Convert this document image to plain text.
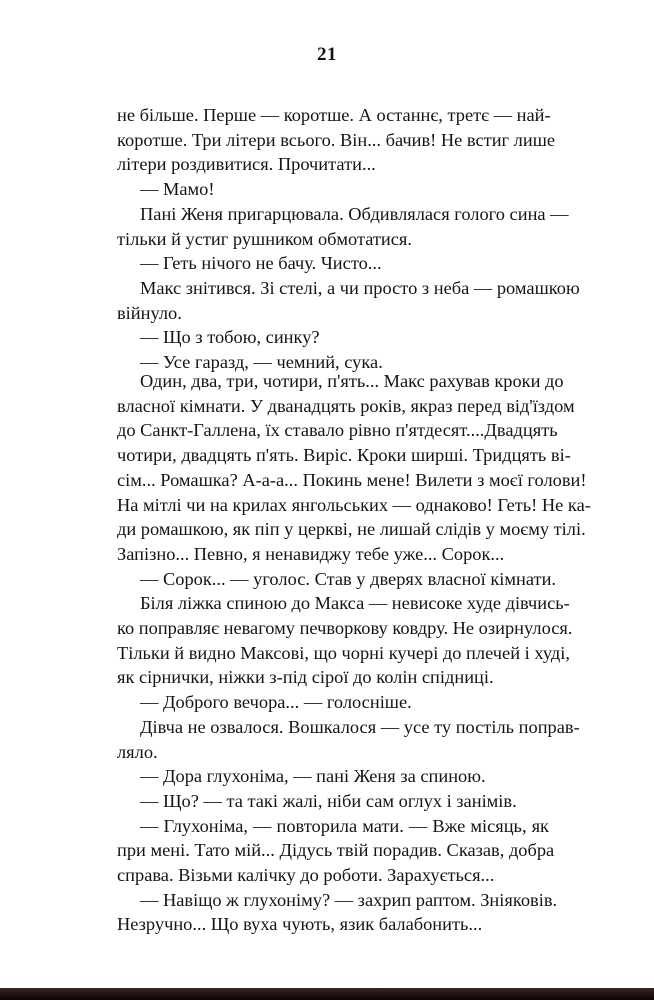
21
не більше. Перше — коротше. А останнє, третє — най-
коротше. Три літери всього. Він... бачив! Не встиг лише
літери роздивитися. Прочитати...
— Мамо!
Пані Женя пригарцювала. Обдивлялася голого сина —
тільки й устиг рушником обмотатися.
— Геть нічого не бачу. Чисто...
Макс знітився. Зі стелі, а чи просто з неба — ромашкою
війнуло.
— Що з тобою, синку?
— Усе гаразд, — чемний, сука.
Один, два, три, чотири, п'ять... Макс рахував кроки до
власної кімнати. У дванадцять років, якраз перед від'їздом
до Санкт-Галлена, їх ставало рівно п'ятдесят....Двадцять
чотири, двадцять п'ять. Виріс. Кроки ширші. Тридцять ві-
сім... Ромашка? А-а-а... Покинь мене! Вилети з моєї голови!
На мітлі чи на крилах янгольських — однаково! Геть! Не ка-
ди ромашкою, як піп у церкві, не лишай слідів у моєму тілі.
Запізно... Певно, я ненавиджу тебе уже... Сорок...
— Сорок... — уголос. Став у дверях власної кімнати.
Біля ліжка спиною до Макса — невисоке худе дівчись-
ко поправляє невагому печворкову ковдру. Не озирнулося.
Тільки й видно Максові, що чорні кучері до плечей і худі,
як сірнички, ніжки з-під сірої до колін спідниці.
— Доброго вечора... — голосніше.
Дівча не озвалося. Вошкалося — усе ту постіль поправ-
ляло.
— Дора глухоніма, — пані Женя за спиною.
— Що? — та такі жалі, ніби сам оглух і занімів.
— Глухоніма, — повторила мати. — Вже місяць, як
при мені. Тато мій... Дідусь твій порадив. Сказав, добра
справа. Візьми калічку до роботи. Зарахується...
— Навіщо ж глухоніму? — захрип раптом. Зніяковів.
Незручно... Що вуха чують, язик балабонить...
